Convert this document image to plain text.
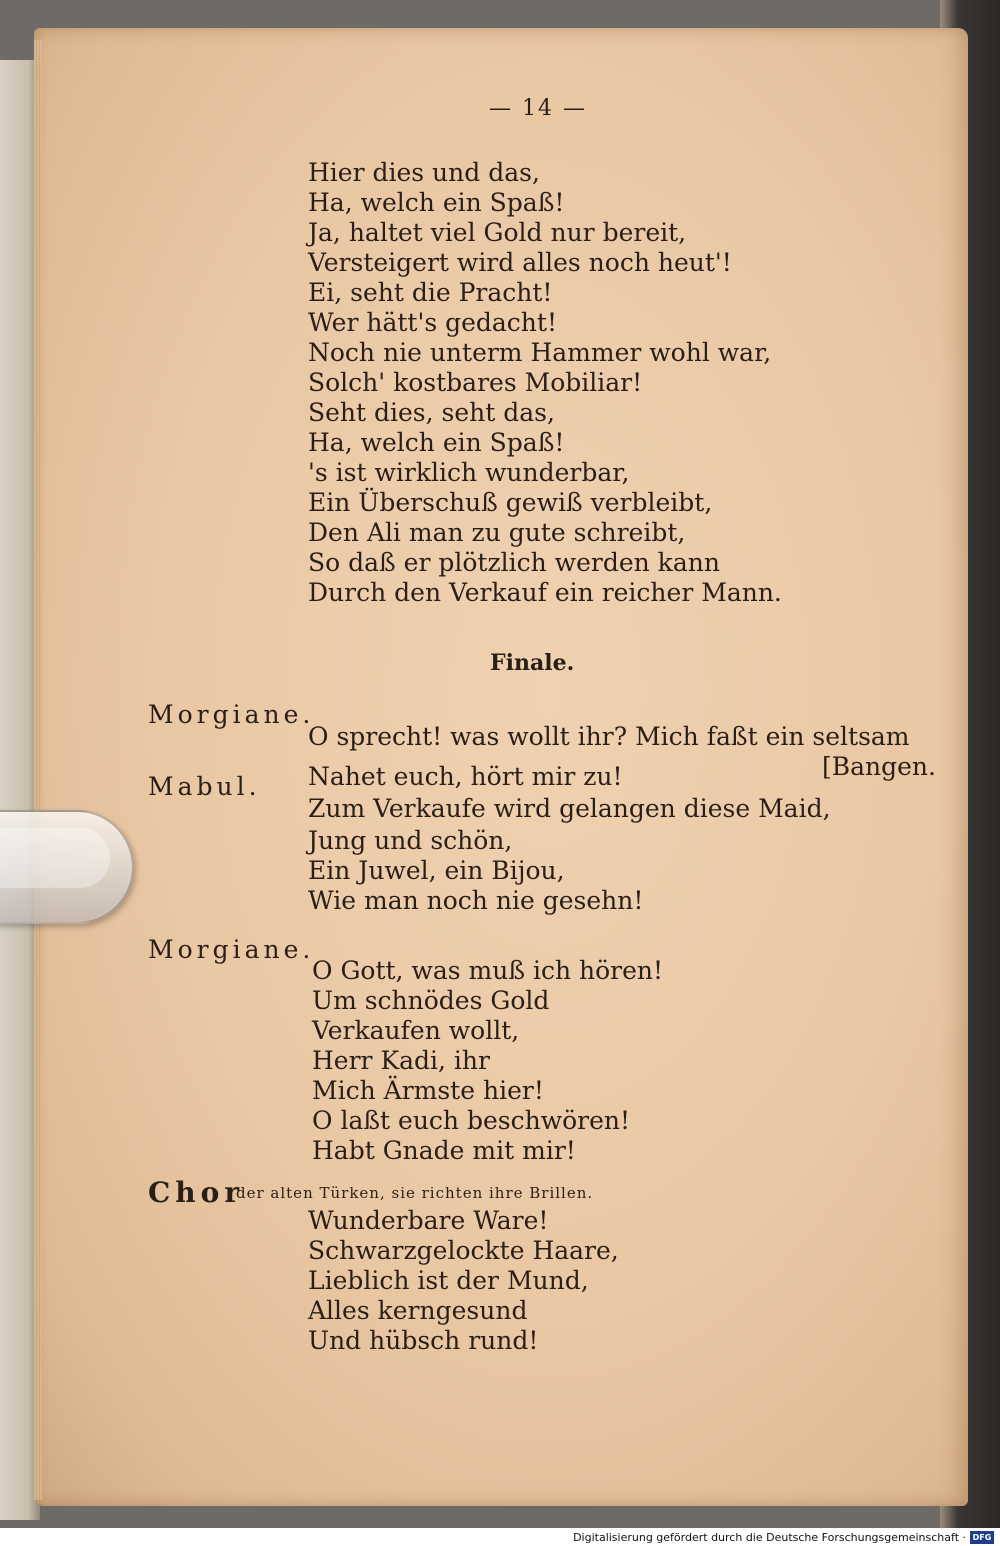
— 14 —
Hier dies und das,
Ha, welch ein Spaß!
Ja, haltet viel Gold nur bereit,
Versteigert wird alles noch heut'!
Ei, seht die Pracht!
Wer hätt's gedacht!
Noch nie unterm Hammer wohl war,
Solch' kostbares Mobiliar!
Seht dies, seht das,
Ha, welch ein Spaß!
's ist wirklich wunderbar,
Ein Überschuß gewiß verbleibt,
Den Ali man zu gute schreibt,
So daß er plötzlich werden kann
Durch den Verkauf ein reicher Mann.
Finale.
Morgiane.
O sprecht! was wollt ihr? Mich faßt ein seltsam
[Bangen.
Mabul. Nahet euch, hört mir zu!
Zum Verkaufe wird gelangen diese Maid,
Jung und schön,
Ein Juwel, ein Bijou,
Wie man noch nie gesehn!
Morgiane.
O Gott, was muß ich hören!
Um schnödes Gold
Verkaufen wollt,
Herr Kadi, ihr
Mich Ärmste hier!
O laßt euch beschwören!
Habt Gnade mit mir!
Chor
der alten Türken, sie richten ihre Brillen.
Wunderbare Ware!
Schwarzgelockte Haare,
Lieblich ist der Mund,
Alles kerngesund
Und hübsch rund!
Digitalisierung gefördert durch die Deutsche Forschungsgemeinschaft · DFG
